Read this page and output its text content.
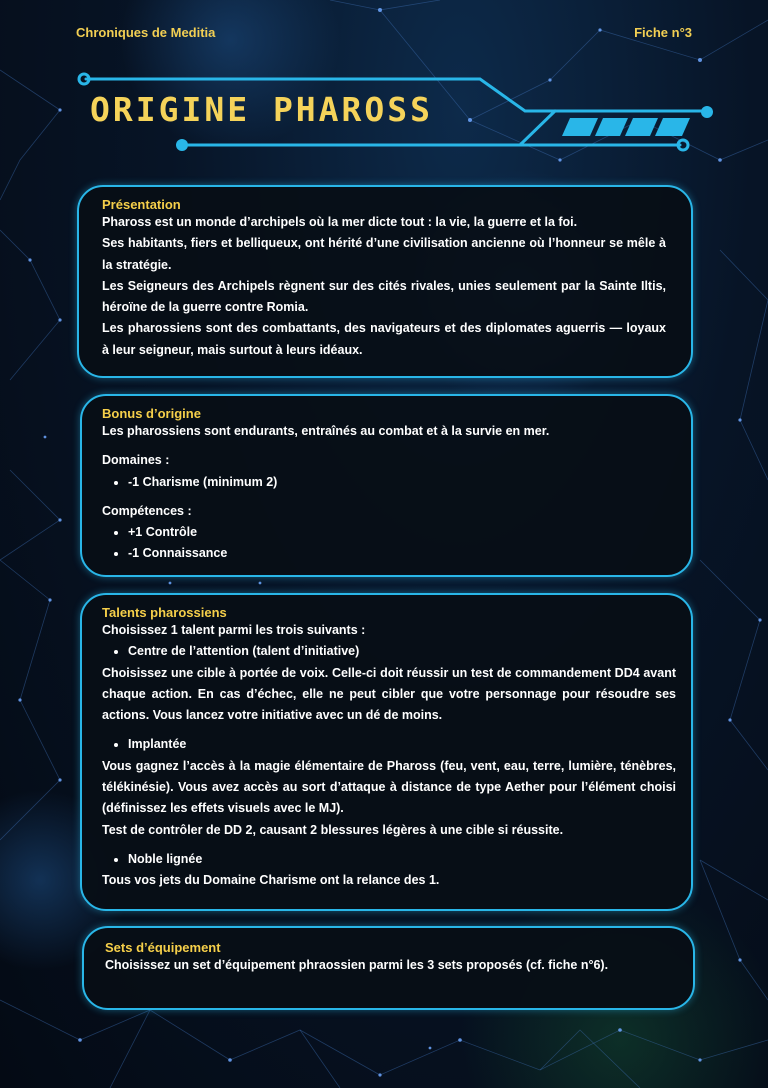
Chroniques de Meditia	Fiche n°3
ORIGINE PHAROSS
Présentation

Phaross est un monde d’archipels où la mer dicte tout : la vie, la guerre et la foi.

Ses habitants, fiers et belliqueux, ont hérité d’une civilisation ancienne où l’honneur se mêle à la stratégie.

Les Seigneurs des Archipels règnent sur des cités rivales, unies seulement par la Sainte Iltis, héroïne de la guerre contre Romia.

Les pharossiens sont des combattants, des navigateurs et des diplomates aguerris — loyaux à leur seigneur, mais surtout à leurs idéaux.

Bonus d’origine

Les pharossiens sont endurants, entraînés au combat et à la survie en mer.

Domaines :
• -1 Charisme (minimum 2)
Compétences :
• +1 Contrôle
• -1 Connaissance
Talents pharossiens

Choisissez 1 talent parmi les trois suivants :

• Centre de l’attention (talent d’initiative)

Choisissez une cible à portée de voix. Celle-ci doit réussir un test de commandement DD4 avant chaque action. En cas d’échec, elle ne peut cibler que votre personnage pour résoudre ses actions. Vous lancez votre initiative avec un dé de moins.

• Implantée

Vous gagnez l’accès à la magie élémentaire de Phaross (feu, vent, eau, terre, lumière, ténèbres, télékinésie). Vous avez accès au sort d’attaque à distance de type Aether pour l’élément choisi (définissez les effets visuels avec le MJ).

Test de contrôler de DD 2, causant 2 blessures légères à une cible si réussite.

• Noble lignée

Tous vos jets du Domaine Charisme ont la relance des 1.

Sets d’équipement

Choisissez un set d’équipement phraossien parmi les 3 sets proposés (cf. fiche n°6).
